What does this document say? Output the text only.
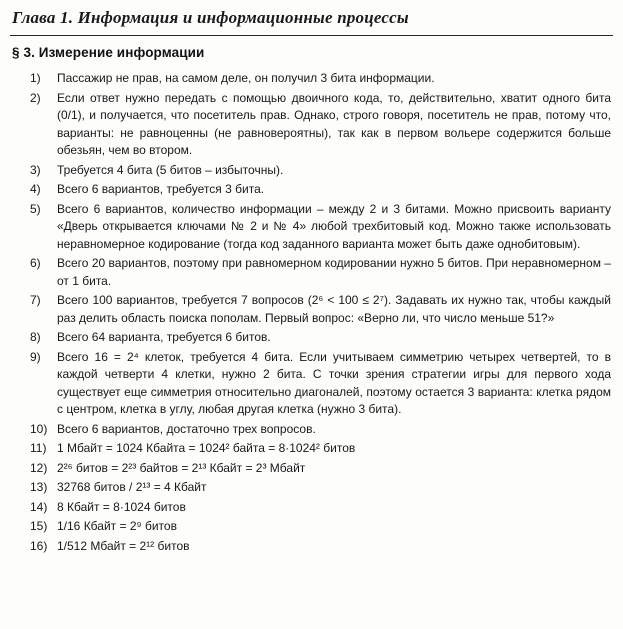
Глава 1. Информация и информационные процессы
§ 3. Измерение информации
1)	Пассажир не прав, на самом деле, он получил 3 бита информации.
2)	Если ответ нужно передать с помощью двоичного кода, то, действительно, хватит одного бита (0/1), и получается, что посетитель прав. Однако, строго говоря, посетитель не прав, потому что, варианты: не равноценны (не равновероятны), так как в первом вольере содержится больше обезьян, чем во втором.
3)	Требуется 4 бита (5 битов – избыточны).
4)	Всего 6 вариантов, требуется 3 бита.
5)	Всего 6 вариантов, количество информации – между 2 и 3 битами. Можно присвоить варианту «Дверь открывается ключами № 2 и № 4» любой трехбитовый код. Можно также использовать неравномерное кодирование (тогда код заданного варианта может быть даже однобитовым).
6)	Всего 20 вариантов, поэтому при равномерном кодировании нужно 5 битов. При неравномерном – от 1 бита.
7)	Всего 100 вариантов, требуется 7 вопросов (2⁶ < 100 ≤ 2⁷). Задавать их нужно так, чтобы каждый раз делить область поиска пополам. Первый вопрос: «Верно ли, что число меньше 51?»
8)	Всего 64 варианта, требуется 6 битов.
9)	Всего 16 = 2⁴ клеток, требуется 4 бита. Если учитываем симметрию четырех четвертей, то в каждой четверти 4 клетки, нужно 2 бита. С точки зрения стратегии игры для первого хода существует еще симметрия относительно диагоналей, поэтому остается 3 варианта: клетка рядом с центром, клетка в углу, любая другая клетка (нужно 3 бита).
10) Всего 6 вариантов, достаточно трех вопросов.
11) 1 Мбайт = 1024 Кбайта = 1024² байта = 8·1024² битов
12) 2²⁶ битов = 2²³ байтов = 2¹³ Кбайт = 2³ Мбайт
13) 32768 битов / 2¹³ = 4 Кбайт
14) 8 Кбайт = 8·1024 битов
15) 1/16 Кбайт = 2⁹ битов
16) 1/512 Мбайт = 2¹² битов
